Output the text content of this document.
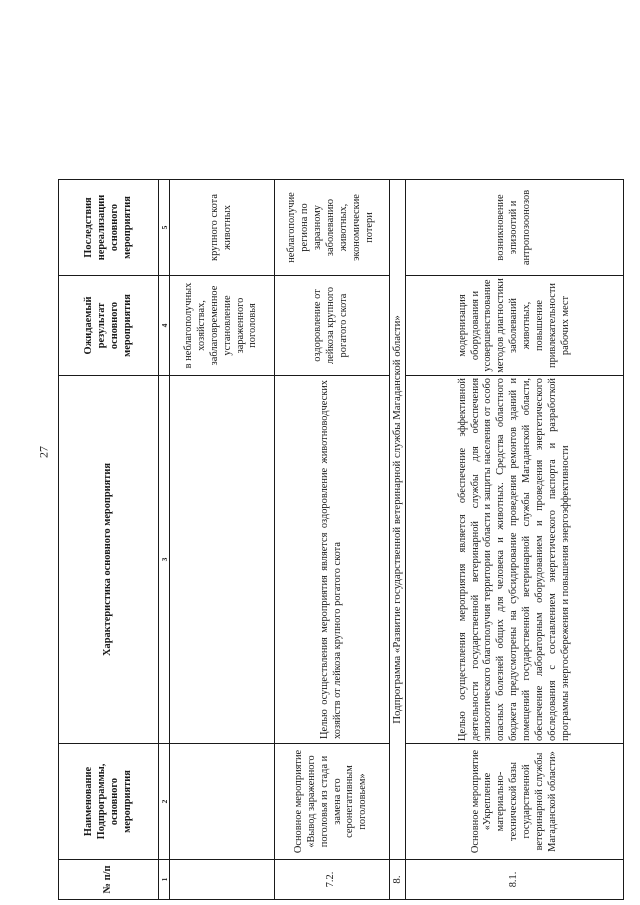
27
№ п/п	Наименование Подпрограммы, основного мероприятия	Характеристика основного мероприятия	Ожидаемый результат основного мероприятия	Последствия нереализации основного мероприятия	
1	2	3	4	5	
			в неблагополучных хозяйствах, заблаговременное установление зараженного поголовья	крупного скота животных	
7.2.	Основное мероприятие «Вывод зараженного поголовья из стада и замена его серонегативным поголовьем»	Целью осуществления мероприятия является оздоровление животноводческих хозяйств от лейкоза крупного рогатого скота	оздоровление от лейкоза крупного рогатого скота	неблагополучие региона по заразному заболеванию животных, экономические потери	
8.	Подпрограмма «Развитие государственной ветеринарной службы Магаданской области»				
8.1.	Основное мероприятие «Укрепление материально-технической базы государственной ветеринарной службы Магаданской области»	Целью осуществления мероприятия является обеспечение эффективной деятельности государственной ветеринарной службы для обеспечения эпизоотического благополучия территории области и защиты населения от особо опасных болезней общих для человека и животных. Средства областного бюджета предусмотрены на субсидирование проведения ремонтов зданий и помещений государственной ветеринарной службы Магаданской области, обеспечение лабораторным оборудованием и проведения энергетического обследования с составлением энергетического паспорта и разработкой программы энергосбережения и повышения энергоэффективности	модернизация оборудования и усовершенствование методов диагностики заболеваний животных, повышение привлекательности рабочих мест	возникновение эпизоотий и антропозоонозов	
